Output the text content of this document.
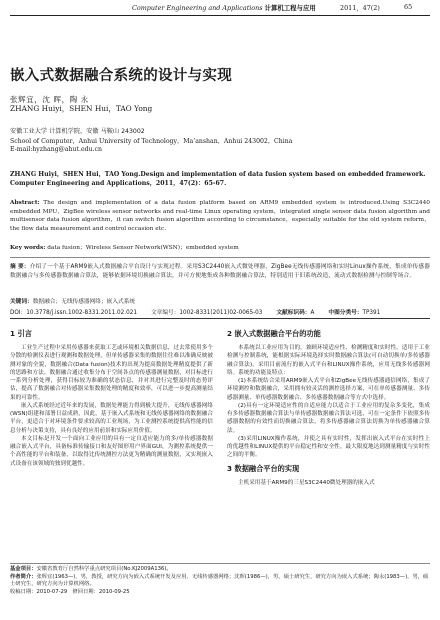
Computer Engineering and Applications 计算机工程与应用	2011，47(2)	65
嵌入式数据融合系统的设计与实现
张辉宜，沈 晖，陶 永
ZHANG Huiyi，SHEN Hui，TAO Yong
安徽工业大学 计算机学院，安徽 马鞍山 243002
School of Computer，Anhui University of Technology，Ma’anshan，Anhui 243002，China
E-mail:hyzhang@ahut.edu.cn
ZHANG Huiyi，SHEN Hui，TAO Yong.Design and implementation of data fusion system based on embedded framework. Computer Engineering and Applications，2011，47(2)：65-67.
Abstract: The design and implementation of a data fusion platform based on ARM9 embedded system is introduced.Using S3C2440 embedded MPU，ZigBee wireless sensor networks and real-time Linux operating system，integrated single sensor data fusion algorithm and multisensor data fusion algorithm，it can switch fusion algorithm according to circumstance，especially suitable for the old system reform，the flow data measurement and control occasion etc.
Key words: data fusion；Wireless Sensor Network(WSN)；embedded system
摘 要：介绍了一个基于ARM9嵌入式数据融合平台设计与实现过程。采用S3C2440嵌入式微处理器，ZigBee无线传感器网络和实时Linux操作系统，集成单传感器数据融合与多传感器数据融合算法，能够依据环境切换融合算法，并可方便地集成各种数据融合算法，特别适用于旧系统改造，流动式数据检测与控制等场合。
关键词：数据融合；无线传感器网络；嵌入式系统
DOI：10.3778/j.issn.1002-8331.2011.02.021 文章编号：1002-8331(2011)02-0065-03 文献标识码：A 中图分类号：TP391
1 引言

工业生产过程中采用传感器来获取工艺或环境相关数据信息，过去常使用多个分散的检测仪表进行观测和数据处理，但单传感器采集的数据往往难以准确反映被测对象的全貌，数据融合(Data fusion)技术的出现为提高数据处理精度提供了新的思路和方法。数据融合通过收集分布于空间各点的传感器测量数据，对目标进行一系列分析处理，获得目标较为准确的状态信息，并对其进行完整及时的态势评估，提高了数据融合对传感器采集数据处理的精度和效率，可以进一步提高测量结果的可靠性。

嵌入式系统经过近年来的发展，数据处理能力得到极大提升，无线传感器网络(WSN)组建和部署日益成熟，因此，基于嵌入式系统和无线传感器网络的数据融合平台，更适合于对环境条件要求较高的工业现场，为工业测控系统提供高性能的信息分析与决策支持，具有良好的应用前景和实际应用价值。

本文目标是开发一个面向工业应用的具有一定自适应能力的多/单传感器数据融合嵌入式平台，具备标准传输接口和友好图形用户界面GUI，为测控系统提供一个高性能的平台和装备，以取得比传统测控方法更为精确的测量数据，又实现嵌入式设备在该领域的独到优越性。

2 嵌入式数据融合平台的功能

本系统以工业应用为目的，兼顾环境适应性、检测精度和实时性，适用于工业检测与控制系统，能根据实际环境选择实时数据融合算法(可自动切换单/多传感器融合算法)。采用目前流行的嵌入式平台和LINUX操作系统，应用无线多传感器网络。系统的功能及特点：

(1)本系统结合采用ARM9嵌入式平台和ZigBee无线传感器通信网络，集成了环境测控和数据融合，采用拥有较灵活的测控选择方案，可在单传感器测量、多传感器测量、单传感器数据融合、多传感器数据融合等方式中选择。

(2)具有一定环境适应性的自适应能力以适合于工业应用的复杂多变化，集成有多传感器数据融合算法与单传感器数据融合算法可选，可在一定条件下依照多传感器数据的有效性而切换融合算法，将多传感器融合算法切换为单传感器融合算法。

(3)采用LINUX操作系统，并使之具有实时性，发挥出嵌入式平台在实时性上的优越性和LINUX提供的平台稳定性和安全性。最大限度地达到测量精度与实时性之间的平衡。

3 数据融合平台的实现

主机采用基于ARM9的三星S3C2440微处理器的嵌入式

基金项目：安徽省教育厅自然科学重点研究项目(No.KJ2009A136)。
作者简介：张辉宜(1963—)，男，教授，研究方向为嵌入式系统开发及应用、无线传感器网络；沈晖(1986—)，男，硕士研究生，研究方向为嵌入式系统；陶永(1983—)，男，硕士研究生，研究方向为计算机网络。
收稿日期：2010-07-29 修回日期：2010-09-25
